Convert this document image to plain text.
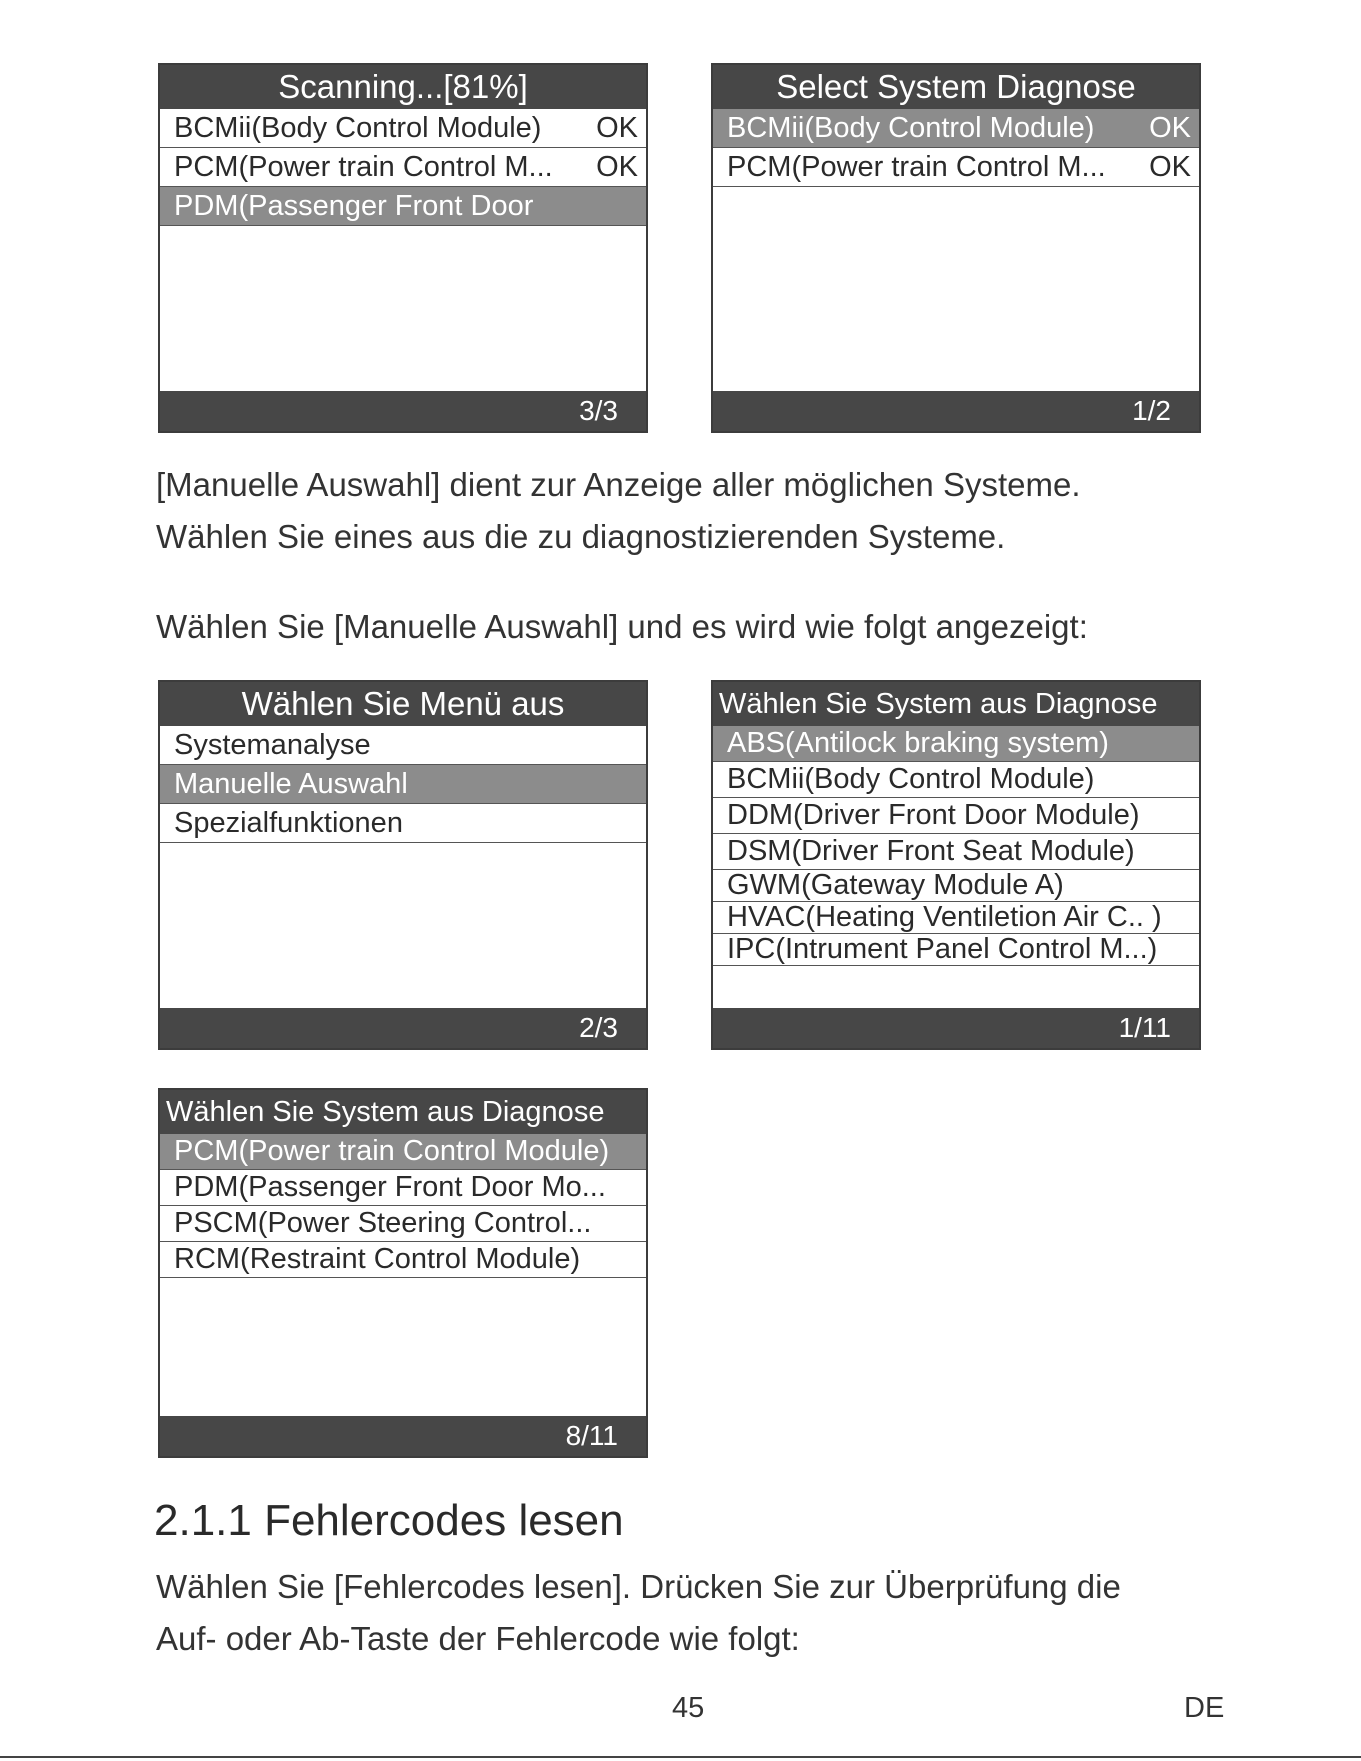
Scanning...[81%]
BCMii(Body Control Module) OK
PCM(Power train Control M... OK
PDM(Passenger Front Door
3/3
Select System Diagnose
BCMii(Body Control Module) OK
PCM(Power train Control M... OK
1/2
[Manuelle Auswahl] dient zur Anzeige aller möglichen Systeme.
Wählen Sie eines aus die zu diagnostizierenden Systeme.
Wählen Sie [Manuelle Auswahl] und es wird wie folgt angezeigt:
Wählen Sie Menü aus
Systemanalyse
Manuelle Auswahl
Spezialfunktionen
2/3
Wählen Sie System aus Diagnose
ABS(Antilock braking system)
BCMii(Body Control Module)
DDM(Driver Front Door Module)
DSM(Driver Front Seat Module)
GWM(Gateway Module A)
HVAC(Heating Ventiletion Air C.. )
IPC(Intrument Panel Control M...)
1/11
Wählen Sie System aus Diagnose
PCM(Power train Control Module)
PDM(Passenger Front Door Mo...
PSCM(Power Steering Control...
RCM(Restraint Control Module)
8/11
2.1.1 Fehlercodes lesen
Wählen Sie [Fehlercodes lesen]. Drücken Sie zur Überprüfung die
Auf- oder Ab-Taste der Fehlercode wie folgt:
45	DE
